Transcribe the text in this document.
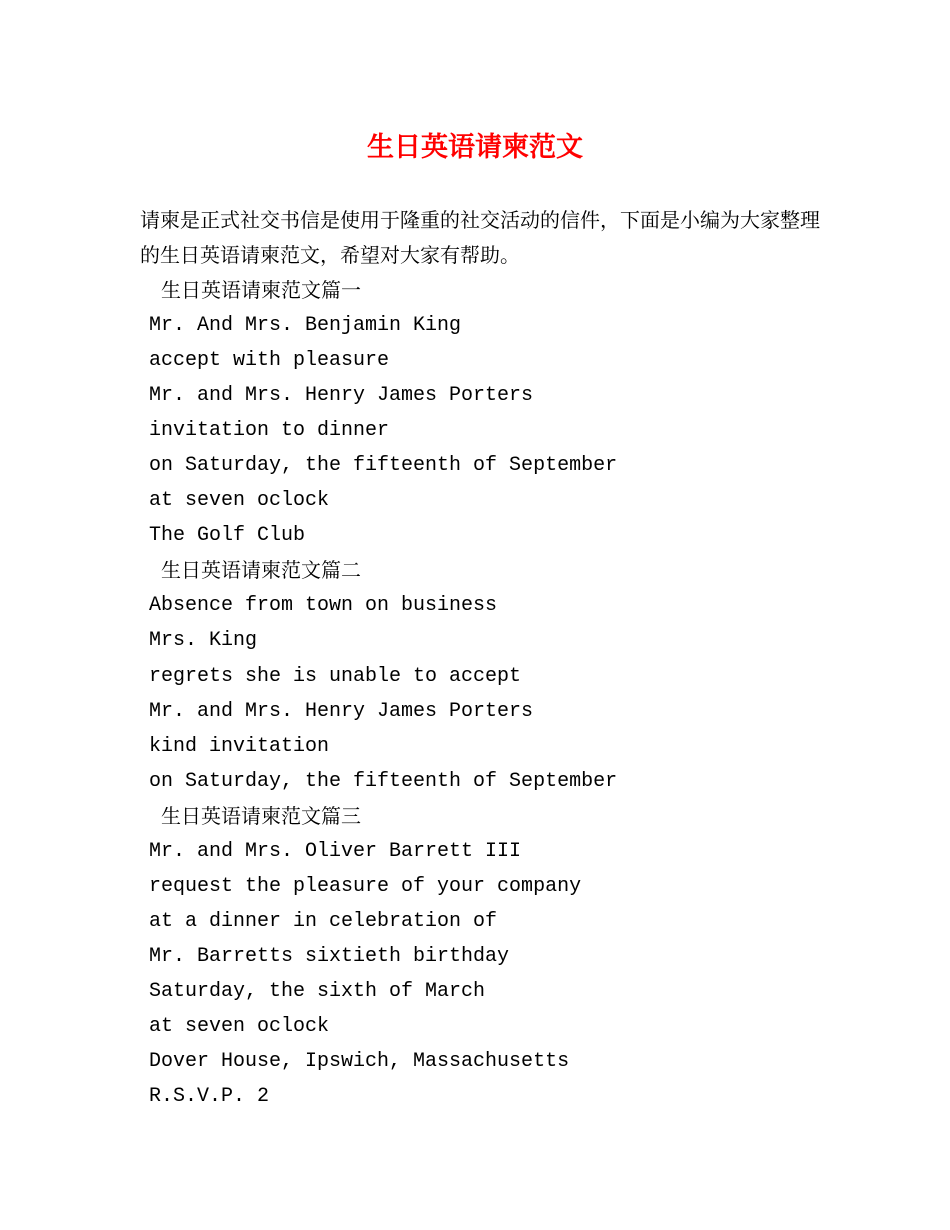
生日英语请柬范文

请柬是正式社交书信是使用于隆重的社交活动的信件，下面是小编为大家整理的生日英语请柬范文，希望对大家有帮助。

生日英语请柬范文篇一
Mr. And Mrs. Benjamin King
accept with pleasure
Mr. and Mrs. Henry James Porters
invitation to dinner
on Saturday, the fifteenth of September
at seven oclock
The Golf Club
生日英语请柬范文篇二
Absence from town on business
Mrs. King
regrets she is unable to accept
Mr. and Mrs. Henry James Porters
kind invitation
on Saturday, the fifteenth of September
生日英语请柬范文篇三
Mr. and Mrs. Oliver Barrett III
request the pleasure of your company
at a dinner in celebration of
Mr. Barretts sixtieth birthday
Saturday, the sixth of March
at seven oclock
Dover House, Ipswich, Massachusetts
R.S.V.P. 2
